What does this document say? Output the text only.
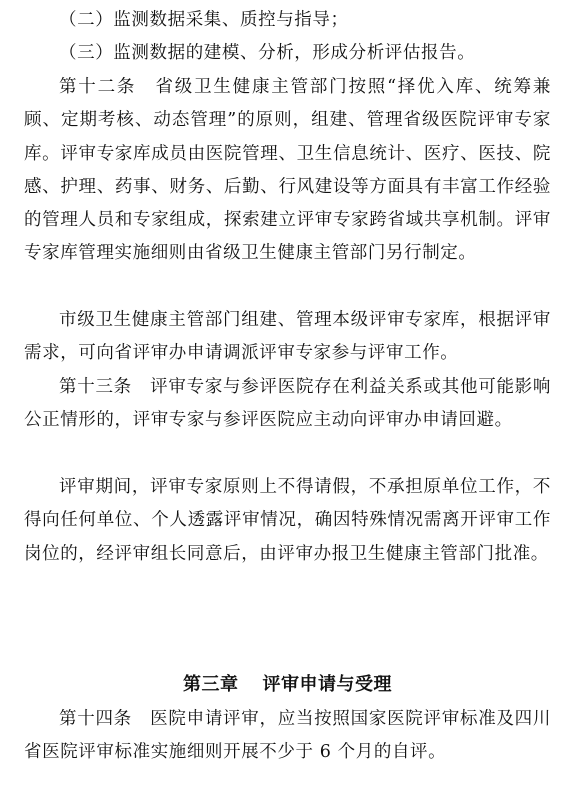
（二）监测数据采集、质控与指导；

（三）监测数据的建模、分析，形成分析评估报告。

第十二条　省级卫生健康主管部门按照“择优入库、统筹兼顾、定期考核、动态管理”的原则，组建、管理省级医院评审专家库。评审专家库成员由医院管理、卫生信息统计、医疗、医技、院感、护理、药事、财务、后勤、行风建设等方面具有丰富工作经验的管理人员和专家组成，探索建立评审专家跨省域共享机制。评审专家库管理实施细则由省级卫生健康主管部门另行制定。

市级卫生健康主管部门组建、管理本级评审专家库，根据评审需求，可向省评审办申请调派评审专家参与评审工作。

第十三条　评审专家与参评医院存在利益关系或其他可能影响公正情形的，评审专家与参评医院应主动向评审办申请回避。

评审期间，评审专家原则上不得请假，不承担原单位工作，不得向任何单位、个人透露评审情况，确因特殊情况需离开评审工作岗位的，经评审组长同意后，由评审办报卫生健康主管部门批准。

第三章 评审申请与受理

第十四条　医院申请评审，应当按照国家医院评审标准及四川省医院评审标准实施细则开展不少于 6 个月的自评。
